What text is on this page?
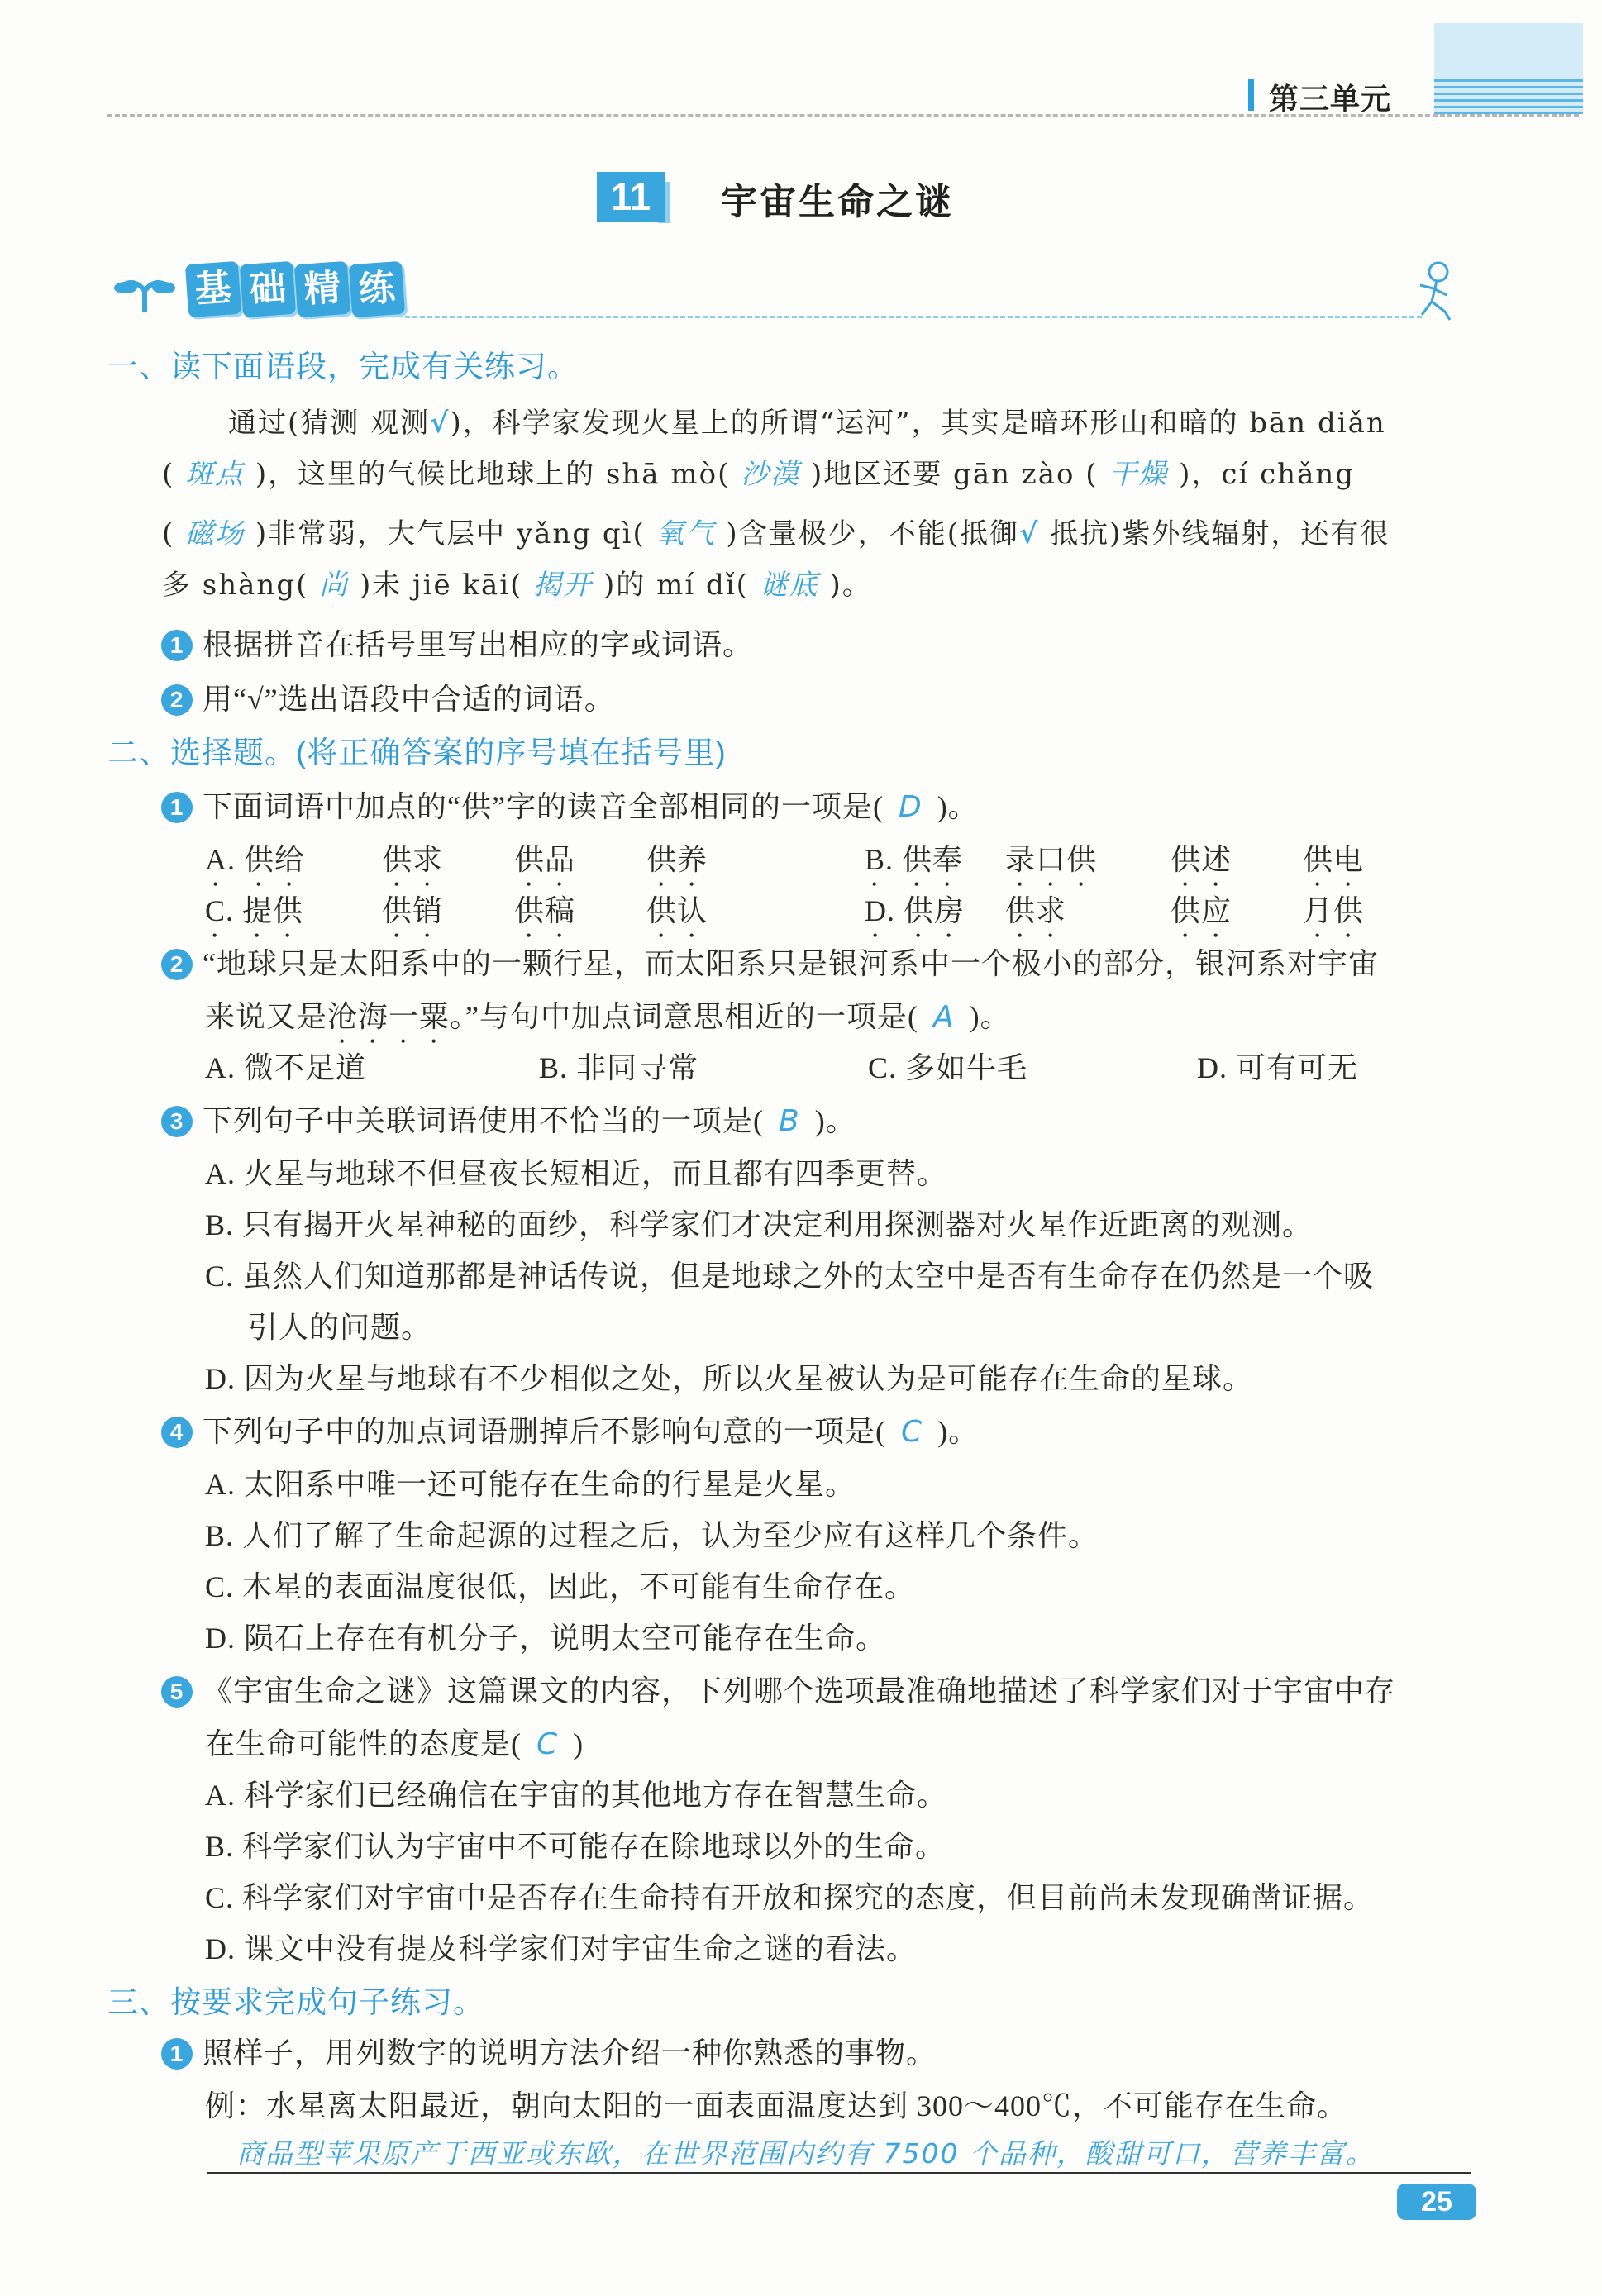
第三单元
11	宇宙生命之谜
基 础 精 练
一、读下面语段，完成有关练习。
通过(猜测 观测√)，科学家发现火星上的所谓“运河”，其实是暗环形山和暗的 bān diǎn
( 斑点 )，这里的气候比地球上的 shā mò( 沙漠 )地区还要 gān zào ( 干燥 )，cí chǎng
( 磁场 )非常弱，大气层中 yǎng qì( 氧气 )含量极少，不能(抵御√ 抵抗)紫外线辐射，还有很
多 shàng( 尚 )未 jiē kāi( 揭开 )的 mí dǐ( 谜底 )。
1 根据拼音在括号里写出相应的字或词语。
2 用“√”选出语段中合适的词语。
二、选择题。(将正确答案的序号填在括号里)
1 下面词语中加点的“供”字的读音全部相同的一项是( D )。
A. 供给	供求 供品 供养	B. 供奉 录口供 供述 供电
C. 提供	供销 供稿 供认	D. 供房 供求	供应 月供
2 “地球只是太阳系中的一颗行星，而太阳系只是银河系中一个极小的部分，银河系对宇宙
来说又是沧海一粟。”与句中加点词意思相近的一项是( A )。
A. 微不足道	B. 非同寻常	C. 多如牛毛	D. 可有可无
3 下列句子中关联词语使用不恰当的一项是( B )。
A. 火星与地球不但昼夜长短相近，而且都有四季更替。
B. 只有揭开火星神秘的面纱，科学家们才决定利用探测器对火星作近距离的观测。
C. 虽然人们知道那都是神话传说，但是地球之外的太空中是否有生命存在仍然是一个吸
引人的问题。
D. 因为火星与地球有不少相似之处，所以火星被认为是可能存在生命的星球。
4 下列句子中的加点词语删掉后不影响句意的一项是( C )。
A. 太阳系中唯一还可能存在生命的行星是火星。
B. 人们了解了生命起源的过程之后，认为至少应有这样几个条件。
C. 木星的表面温度很低，因此，不可能有生命存在。
D. 陨石上存在有机分子，说明太空可能存在生命。
5 《宇宙生命之谜》这篇课文的内容，下列哪个选项最准确地描述了科学家们对于宇宙中存
在生命可能性的态度是( C )
A. 科学家们已经确信在宇宙的其他地方存在智慧生命。
B. 科学家们认为宇宙中不可能存在除地球以外的生命。
C. 科学家们对宇宙中是否存在生命持有开放和探究的态度，但目前尚未发现确凿证据。
D. 课文中没有提及科学家们对宇宙生命之谜的看法。
三、按要求完成句子练习。
1 照样子，用列数字的说明方法介绍一种你熟悉的事物。
例：水星离太阳最近，朝向太阳的一面表面温度达到 300～400℃，不可能存在生命。
商品型苹果原产于西亚或东欧，在世界范围内约有 7500 个品种，酸甜可口，营养丰富。
25
